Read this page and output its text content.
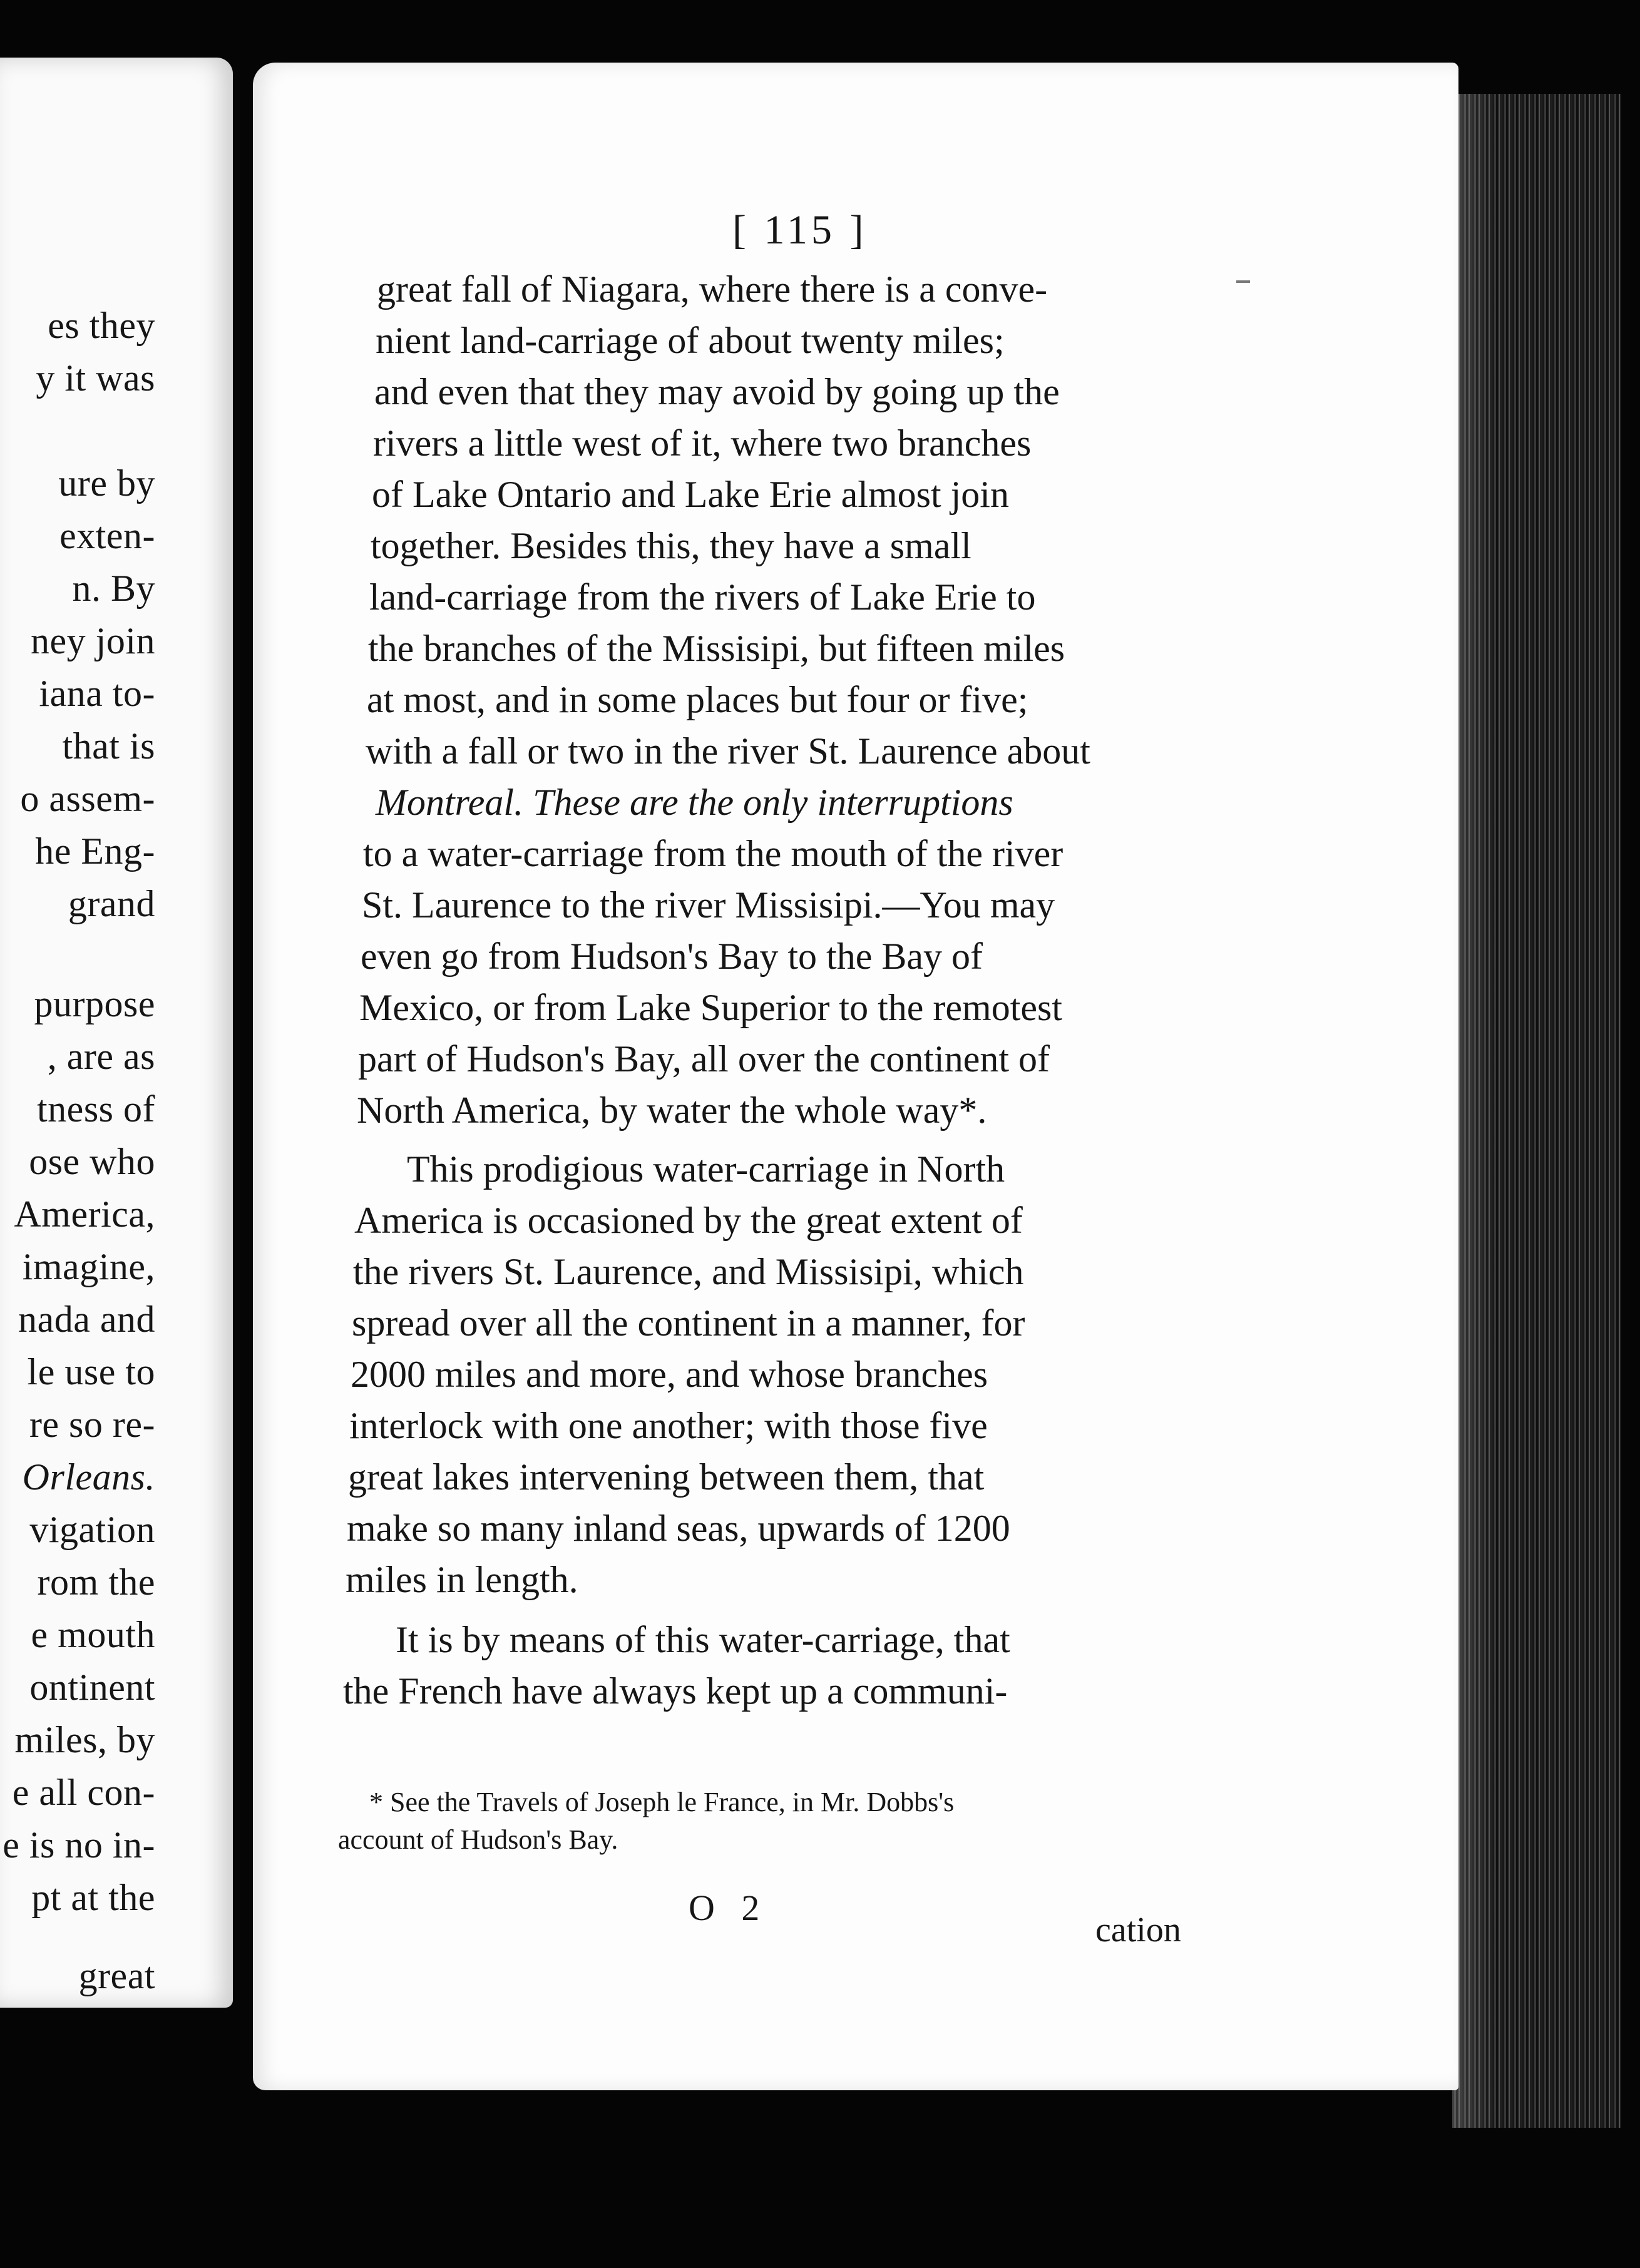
es they
y it was
ure by
exten-
n. By
ney join
iana to-
that is
o assem-
he Eng-
grand
purpose
, are as
tness of
ose who
America,
imagine,
nada and
le use to
re so re-
Orleans.
vigation
rom the
e mouth
ontinent
miles, by
e all con-
e is no in-
pt at the
great
[ 115 ]
great fall of Niagara, where there is a conve-
nient land-carriage of about twenty miles;
and even that they may avoid by going up the
rivers a little west of it, where two branches
of Lake Ontario and Lake Erie almost join
together. Besides this, they have a small
land-carriage from the rivers of Lake Erie to
the branches of the Missisipi, but fifteen miles
at most, and in some places but four or five;
with a fall or two in the river St. Laurence about
Montreal. These are the only interruptions
to a water-carriage from the mouth of the river
St. Laurence to the river Missisipi.—You may
even go from Hudson's Bay to the Bay of
Mexico, or from Lake Superior to the remotest
part of Hudson's Bay, all over the continent of
North America, by water the whole way*.
This prodigious water-carriage in North
America is occasioned by the great extent of
the rivers St. Laurence, and Missisipi, which
spread over all the continent in a manner, for
2000 miles and more, and whose branches
interlock with one another; with those five
great lakes intervening between them, that
make so many inland seas, upwards of 1200
miles in length.
It is by means of this water-carriage, that
the French have always kept up a communi-
* See the Travels of Joseph le France, in Mr. Dobbs's
account of Hudson's Bay.
O 2
cation
